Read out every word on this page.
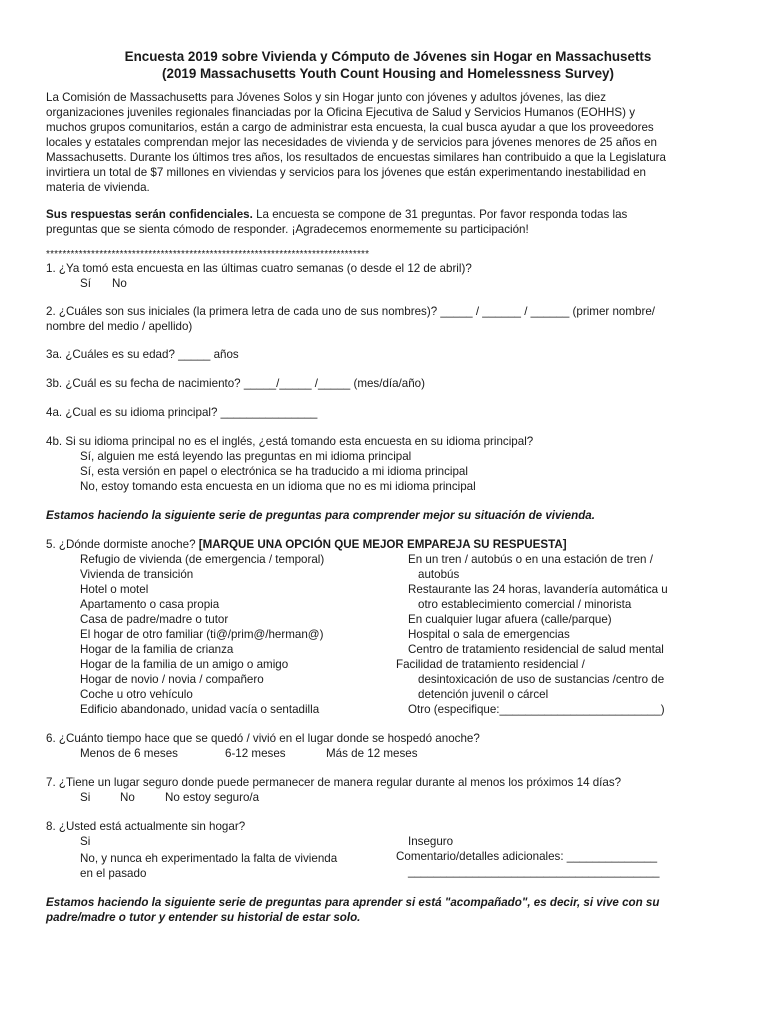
Encuesta 2019 sobre Vivienda y Cómputo de Jóvenes sin Hogar en Massachusetts
(2019 Massachusetts Youth Count Housing and Homelessness Survey)
La Comisión de Massachusetts para Jóvenes Solos y sin Hogar junto con jóvenes y adultos jóvenes, las diez
organizaciones juveniles regionales financiadas por la Oficina Ejecutiva de Salud y Servicios Humanos (EOHHS) y
muchos grupos comunitarios, están a cargo de administrar esta encuesta, la cual busca ayudar a que los proveedores
locales y estatales comprendan mejor las necesidades de vivienda y de servicios para jóvenes menores de 25 años en
Massachusetts. Durante los últimos tres años, los resultados de encuestas similares han contribuido a que la Legislatura
invirtiera un total de $7 millones en viviendas y servicios para los jóvenes que están experimentando inestabilidad en
materia de vivienda.
Sus respuestas serán confidenciales. La encuesta se compone de 31 preguntas. Por favor responda todas las
preguntas que se sienta cómodo de responder. ¡Agradecemos enormemente su participación!
*******************************************************************************
1. ¿Ya tomó esta encuesta en las últimas cuatro semanas (o desde el 12 de abril)?
Sí No
2. ¿Cuáles son sus iniciales (la primera letra de cada uno de sus nombres)? _____ / ______ / ______ (primer nombre/
nombre del medio / apellido)
3a. ¿Cuáles es su edad? _____ años
3b. ¿Cuál es su fecha de nacimiento? _____/_____ /_____ (mes/día/año)
4a. ¿Cual es su idioma principal? _______________
4b. Si su idioma principal no es el inglés, ¿está tomando esta encuesta en su idioma principal?
Sí, alguien me está leyendo las preguntas en mi idioma principal
Sí, esta versión en papel o electrónica se ha traducido a mi idioma principal
No, estoy tomando esta encuesta en un idioma que no es mi idioma principal
Estamos haciendo la siguiente serie de preguntas para comprender mejor su situación de vivienda.
5. ¿Dónde dormiste anoche? [MARQUE UNA OPCIÓN QUE MEJOR EMPAREJA SU RESPUESTA]
Refugio de vivienda (de emergencia / temporal)
Vivienda de transición
Hotel o motel
Apartamento o casa propia
Casa de padre/madre o tutor
El hogar de otro familiar (ti@/prim@/herman@)
Hogar de la familia de crianza
Hogar de la familia de un amigo o amigo
Hogar de novio / novia / compañero
Coche u otro vehículo
Edificio abandonado, unidad vacía o sentadilla
En un tren / autobús o en una estación de tren /
autobús
Restaurante las 24 horas, lavandería automática u
otro establecimiento comercial / minorista
En cualquier lugar afuera (calle/parque)
Hospital o sala de emergencias
Centro de tratamiento residencial de salud mental
Facilidad de tratamiento residencial /
desintoxicación de uso de sustancias /centro de
detención juvenil o cárcel
Otro (especifique:_________________________)
6. ¿Cuánto tiempo hace que se quedó / vivió en el lugar donde se hospedó anoche?
Menos de 6 meses	6-12 meses	Más de 12 meses
7. ¿Tiene un lugar seguro donde puede permanecer de manera regular durante al menos los próximos 14 días?
Si	No	No estoy seguro/a
8. ¿Usted está actualmente sin hogar?
Si
No, y nunca eh experimentado la falta de vivienda
en el pasado
Inseguro
Comentario/detalles adicionales: ______________
_______________________________________
Estamos haciendo la siguiente serie de preguntas para aprender si está "acompañado", es decir, si vive con su
padre/madre o tutor y entender su historial de estar solo.
